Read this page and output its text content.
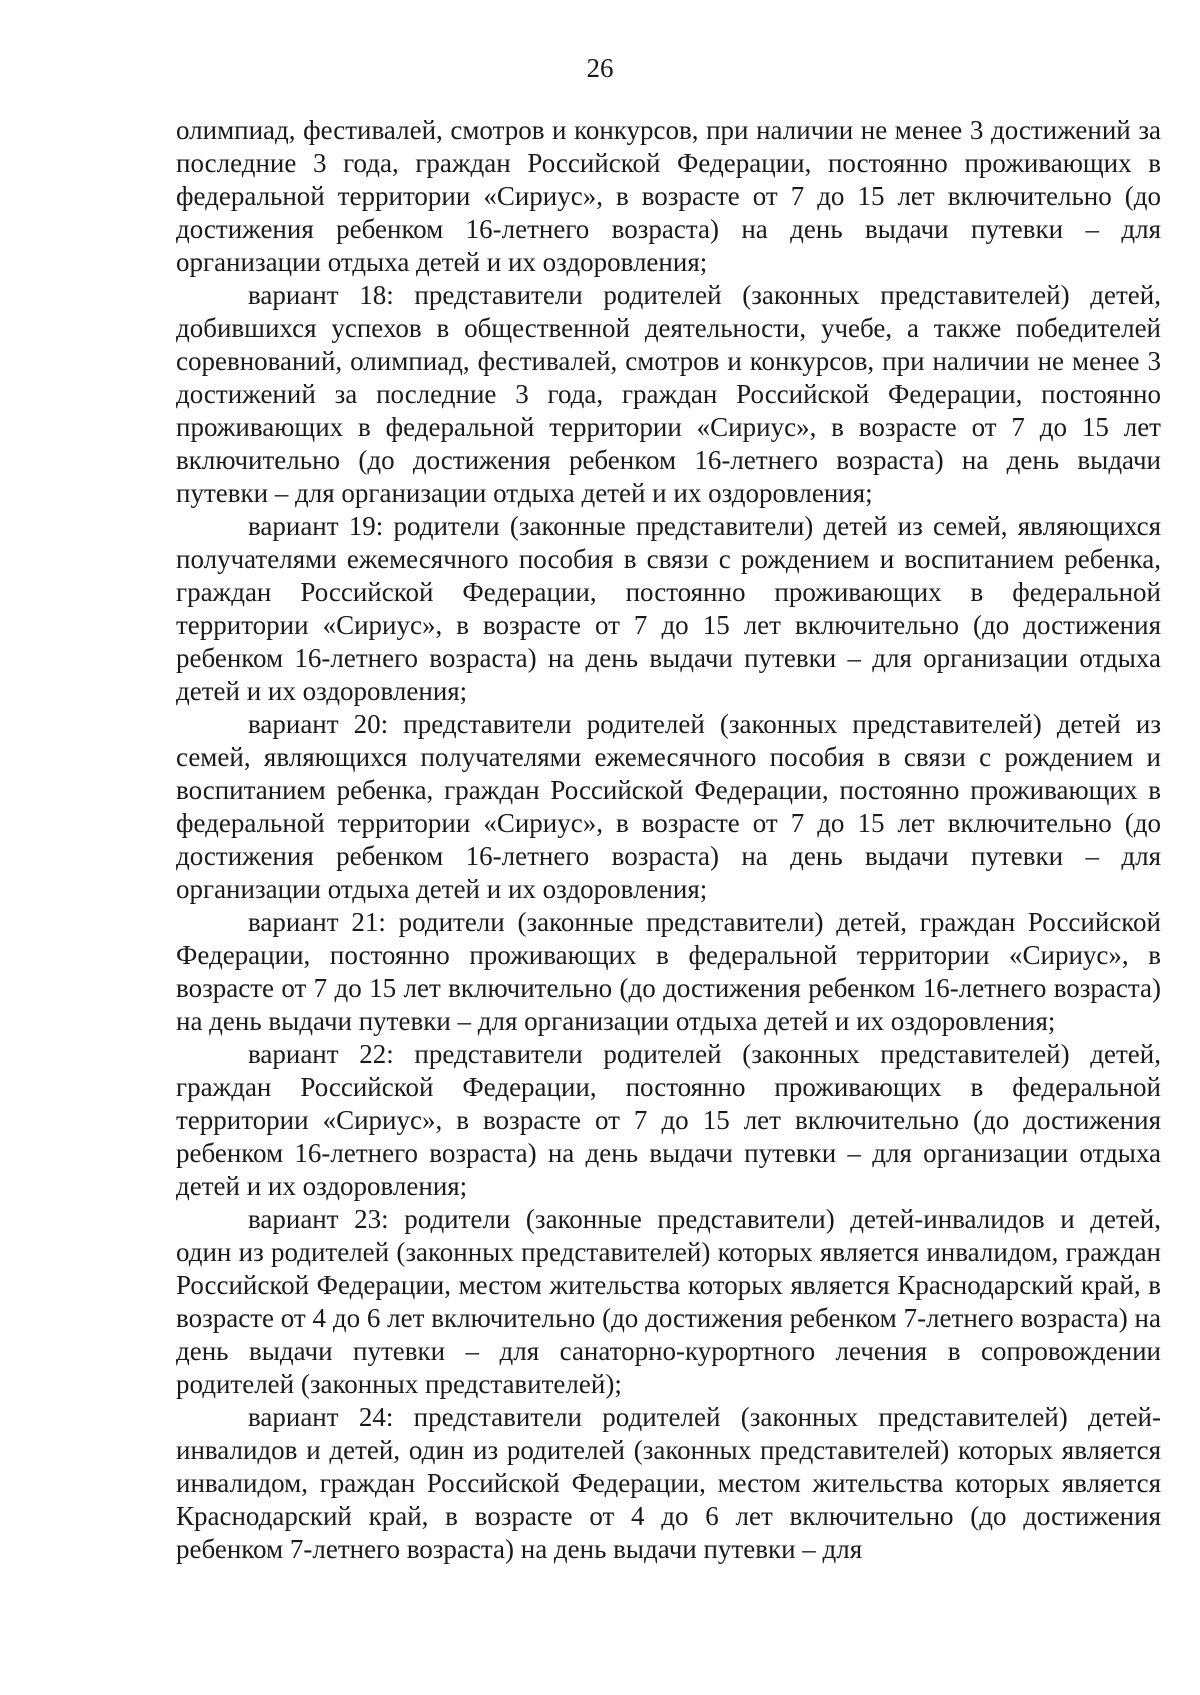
26

олимпиад, фестивалей, смотров и конкурсов, при наличии не менее 3 достижений за последние 3 года, граждан Российской Федерации, постоянно проживающих в федеральной территории «Сириус», в возрасте от 7 до 15 лет включительно (до достижения ребенком 16-летнего возраста) на день выдачи путевки – для организации отдыха детей и их оздоровления;

вариант 18: представители родителей (законных представителей) детей, добившихся успехов в общественной деятельности, учебе, а также победителей соревнований, олимпиад, фестивалей, смотров и конкурсов, при наличии не менее 3 достижений за последние 3 года, граждан Российской Федерации, постоянно проживающих в федеральной территории «Сириус», в возрасте от 7 до 15 лет включительно (до достижения ребенком 16-летнего возраста) на день выдачи путевки – для организации отдыха детей и их оздоровления;

вариант 19: родители (законные представители) детей из семей, являющихся получателями ежемесячного пособия в связи с рождением и воспитанием ребенка, граждан Российской Федерации, постоянно проживающих в федеральной территории «Сириус», в возрасте от 7 до 15 лет включительно (до достижения ребенком 16-летнего возраста) на день выдачи путевки – для организации отдыха детей и их оздоровления;

вариант 20: представители родителей (законных представителей) детей из семей, являющихся получателями ежемесячного пособия в связи с рождением и воспитанием ребенка, граждан Российской Федерации, постоянно проживающих в федеральной территории «Сириус», в возрасте от 7 до 15 лет включительно (до достижения ребенком 16-летнего возраста) на день выдачи путевки – для организации отдыха детей и их оздоровления;

вариант 21: родители (законные представители) детей, граждан Российской Федерации, постоянно проживающих в федеральной территории «Сириус», в возрасте от 7 до 15 лет включительно (до достижения ребенком 16-летнего возраста) на день выдачи путевки – для организации отдыха детей и их оздоровления;

вариант 22: представители родителей (законных представителей) детей, граждан Российской Федерации, постоянно проживающих в федеральной территории «Сириус», в возрасте от 7 до 15 лет включительно (до достижения ребенком 16-летнего возраста) на день выдачи путевки – для организации отдыха детей и их оздоровления;

вариант 23: родители (законные представители) детей-инвалидов и детей, один из родителей (законных представителей) которых является инвалидом, граждан Российской Федерации, местом жительства которых является Краснодарский край, в возрасте от 4 до 6 лет включительно (до достижения ребенком 7-летнего возраста) на день выдачи путевки – для санаторно-курортного лечения в сопровождении родителей (законных представителей);

вариант 24: представители родителей (законных представителей) детей-инвалидов и детей, один из родителей (законных представителей) которых является инвалидом, граждан Российской Федерации, местом жительства которых является Краснодарский край, в возрасте от 4 до 6 лет включительно (до достижения ребенком 7-летнего возраста) на день выдачи путевки – для
